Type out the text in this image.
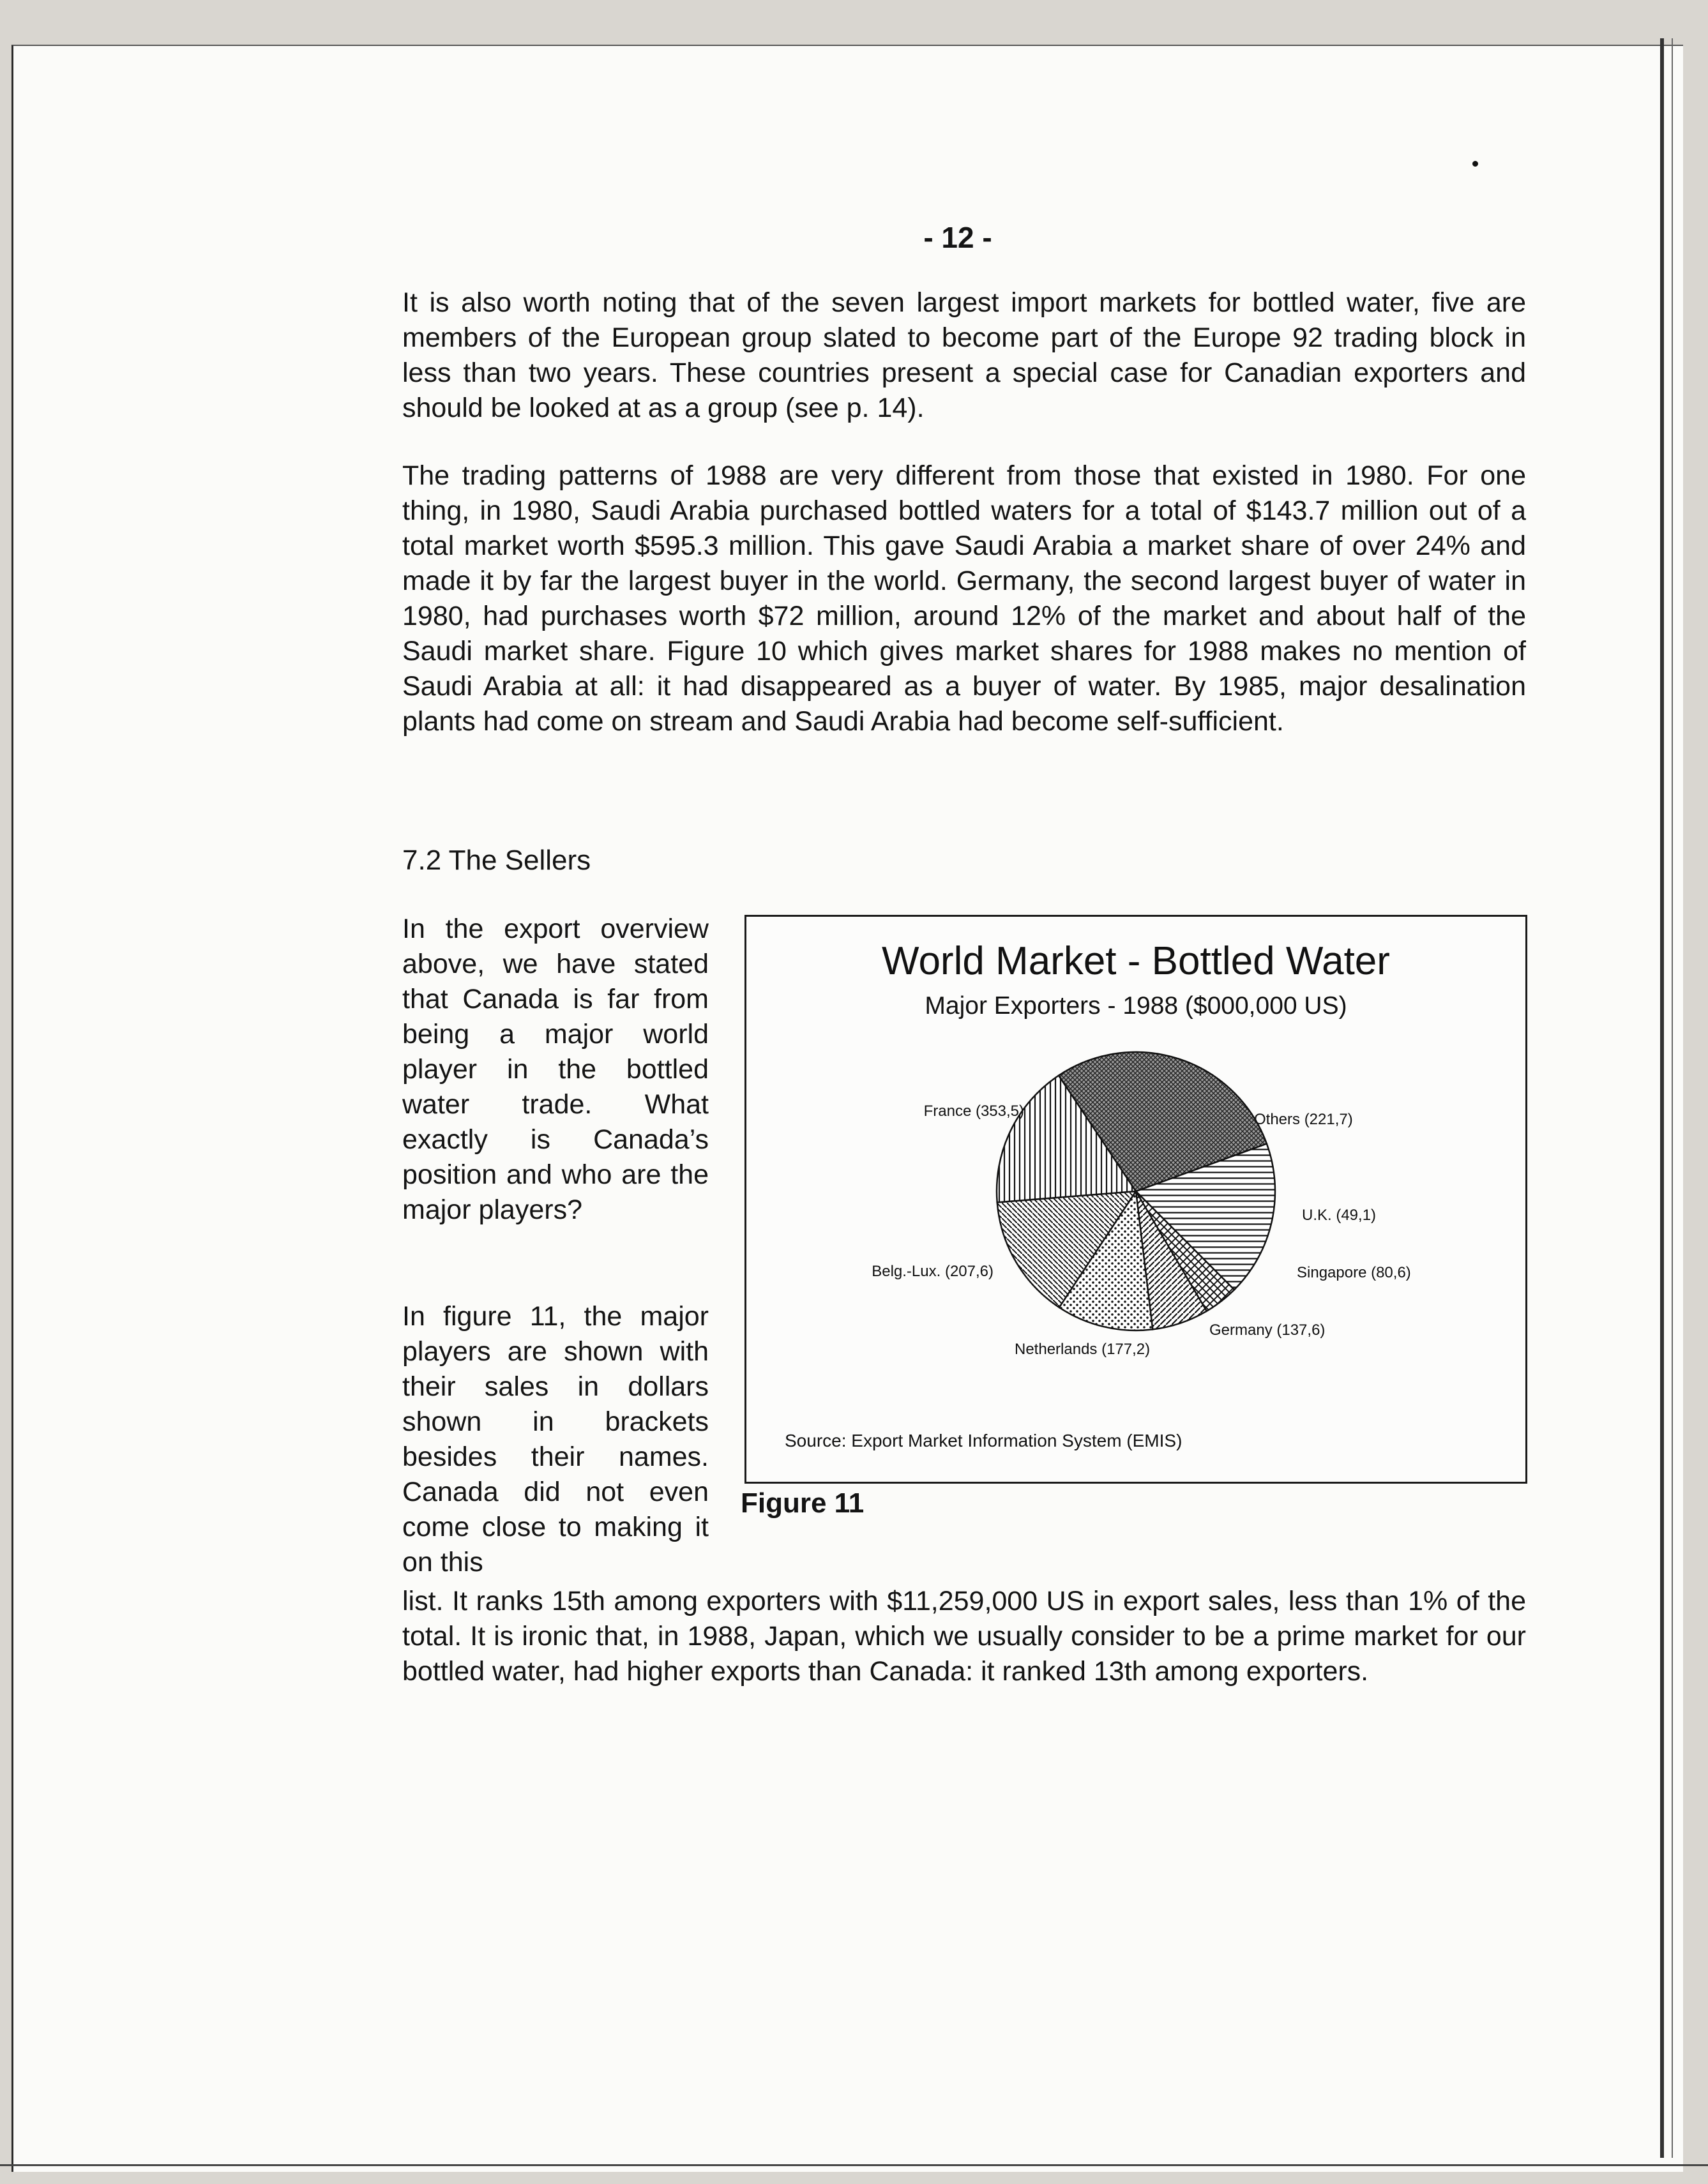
- 12 -
It is also worth noting that of the seven largest import markets for bottled water, five are members of the European group slated to become part of the Europe 92 trading block in less than two years. These countries present a special case for Canadian exporters and should be looked at as a group (see p. 14).
The trading patterns of 1988 are very different from those that existed in 1980. For one thing, in 1980, Saudi Arabia purchased bottled waters for a total of $143.7 million out of a total market worth $595.3 million. This gave Saudi Arabia a market share of over 24% and made it by far the largest buyer in the world. Germany, the second largest buyer of water in 1980, had purchases worth $72 million, around 12% of the market and about half of the Saudi market share. Figure 10 which gives market shares for 1988 makes no mention of Saudi Arabia at all: it had disappeared as a buyer of water. By 1985, major desalination plants had come on stream and Saudi Arabia had become self-sufficient.
7.2 The Sellers
In the export overview above, we have stated that Canada is far from being a major world player in the bottled water trade. What exactly is Canada’s position and who are the major players?
In figure 11, the major players are shown with their sales in dollars shown in brackets besides their names. Canada did not even come close to making it on this
list. It ranks 15th among exporters with $11,259,000 US in export sales, less than 1% of the total. It is ironic that, in 1988, Japan, which we usually consider to be a prime market for our bottled water, had higher exports than Canada: it ranked 13th among exporters.
World Market - Bottled Water
Major Exporters - 1988 ($000,000 US)
Others (221,7)
U.K. (49,1)
Singapore (80,6)
Germany (137,6)
Netherlands (177,2)
Belg.-Lux. (207,6)
France (353,5)
Source: Export Market Information System (EMIS)
Figure 11
